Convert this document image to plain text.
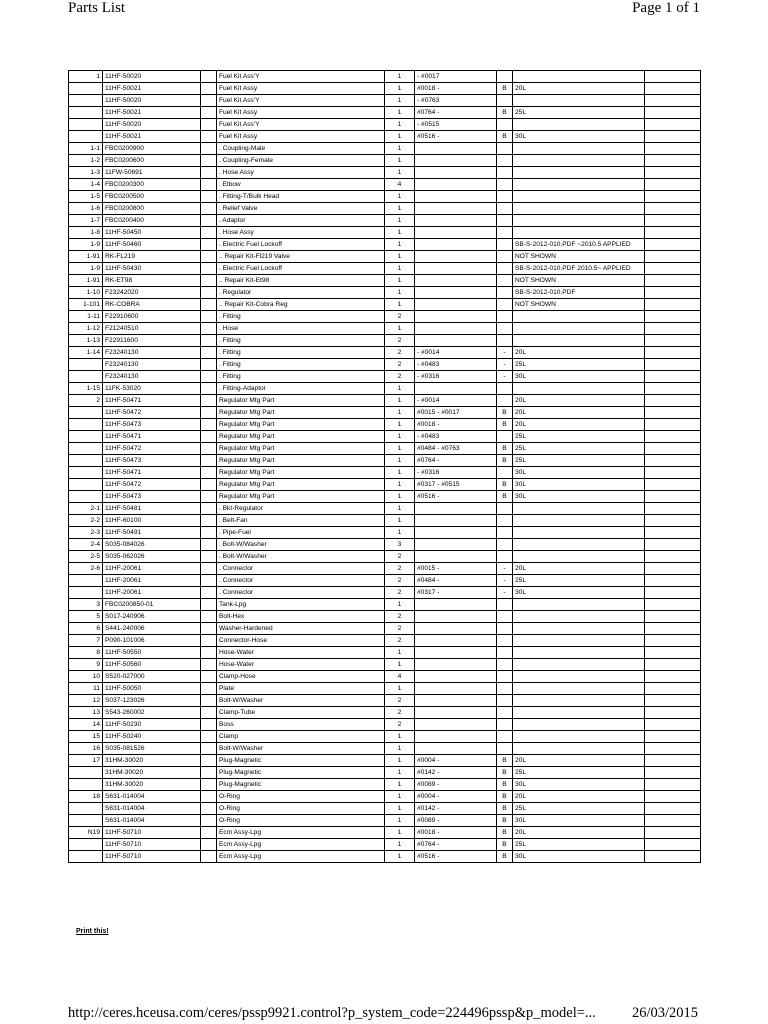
Parts List	Page 1 of 1
1	11HF-50020		Fuel Kit Ass'Y	1	- #0017			
	11HF-50021		Fuel Kit Assy	1	#0018 -	B	20L	
	11HF-50020		Fuel Kit Ass'Y	1	- #0763			
	11HF-50021		Fuel Kit Assy	1	#0764 -	B	25L	
	11HF-50020		Fuel Kit Ass'Y	1	- #0515			
	11HF-50021		Fuel Kit Assy	1	#0516 -	B	30L	
1-1	FBC0200900		. Coupling-Male	1				
1-2	FBC0200600		. Coupling-Female	1				
1-3	11FW-50691		. Hose Assy	1				
1-4	FBC0200300		. Elbow	4				
1-5	FBC0200500		. Fitting-T/Bulk Head	1				
1-6	FBC0200800		. Relief Valve	1				
1-7	FBC0200400		. Adaptor	1				
1-8	11HF-50450		. Hose Assy	1				
1-9	11HF-50460		. Electric Fuel Lockoff	1			SB-S-2012-010.PDF ~2010.5 APPLIED	
1-91	RK-FL219		.. Repair Kit-Fl219 Valve	1			NOT SHOWN	
1-9	11HF-50430		. Electric Fuel Lockoff	1			SB-S-2012-010.PDF 2010.5~ APPLIED	
1-91	RK-ET98		.. Repair Kit-Et98	1			NOT SHOWN	
1-10	F23242020		. Regulator	1			SB-S-2012-010.PDF	
1-101	RK-COBRA		.. Repair Kit-Cobra Reg	1			NOT SHOWN	
1-11	F22910600		. Fitting	2				
1-12	F21240510		. Hose	1				
1-13	F22911600		. Fitting	2				
1-14	F23240130		. Fitting	2	- #0014	-	20L	
	F23240130		. Fitting	2	- #0483	-	25L	
	F23240130		. Fitting	2	- #0316	-	30L	
1-15	11FK-53020		. Fitting-Adaptor	1				
2	11HF-50471		Regulator Mtg Part	1	- #0014		20L	
	11HF-50472		Regulator Mtg Part	1	#0015 - #0017	B	20L	
	11HF-50473		Regulator Mtg Part	1	#0018 -	B	20L	
	11HF-50471		Regulator Mtg Part	1	- #0483		25L	
	11HF-50472		Regulator Mtg Part	1	#0484 - #0763	B	25L	
	11HF-50473		Regulator Mtg Part	1	#0764 -	B	25L	
	11HF-50471		Regulator Mtg Part	1	- #0316		30L	
	11HF-50472		Regulator Mtg Part	1	#0317 - #0515	B	30L	
	11HF-50473		Regulator Mtg Part	1	#0516 -	B	30L	
2-1	11HF-50481		. Bkt-Regulator	1				
2-2	11HF-60100		. Belt-Fan	1				
2-3	11HF-50491		. Pipe-Fuel	1				
2-4	S035-084026		. Bolt-W/Washer	3				
2-5	S035-062026		. Bolt-W/Washer	2				
2-6	11HF-20061		. Connector	2	#0015 -	-	20L	
	11HF-20061		. Connector	2	#0484 -	-	25L	
	11HF-20061		. Connector	2	#0317 -	-	30L	
3	FBC0200850-01		Tank-Lpg	1				
5	S017-240906		Bolt-Hex	2				
6	S441-240006		Washer-Hardened	2				
7	P090-101006		Connector-Hose	2				
8	11HF-50550		Hose-Water	1				
9	11HF-50560		Hose-Water	1				
10	S520-027000		Clamp-Hose	4				
11	11HF-50050		Plate	1				
12	S037-123026		Bolt-W/Washer	2				
13	S543-260002		Clamp-Tube	2				
14	11HF-50230		Boss	2				
15	11HF-50240		Clamp	1				
16	S035-081526		Bolt-W/Washer	1				
17	31HM-30020		Plug-Magnetic	1	#0004 -	B	20L	
	31HM-30020		Plug-Magnetic	1	#0142 -	B	25L	
	31HM-30020		Plug-Magnetic	1	#0089 -	B	30L	
18	S631-014004		O-Ring	1	#0004 -	B	20L	
	S631-014004		O-Ring	1	#0142 -	B	25L	
	S631-014004		O-Ring	1	#0089 -	B	30L	
N19	11HF-50710		Ecm Assy-Lpg	1	#0018 -	B	20L	
	11HF-50710		Ecm Assy-Lpg	1	#0764 -	B	25L	
	11HF-50710		Ecm Assy-Lpg	1	#0516 -	B	30L	
Print this!
http://ceres.hceusa.com/ceres/pssp9921.control?p_system_code=224496pssp&p_model=... 26/03/2015
